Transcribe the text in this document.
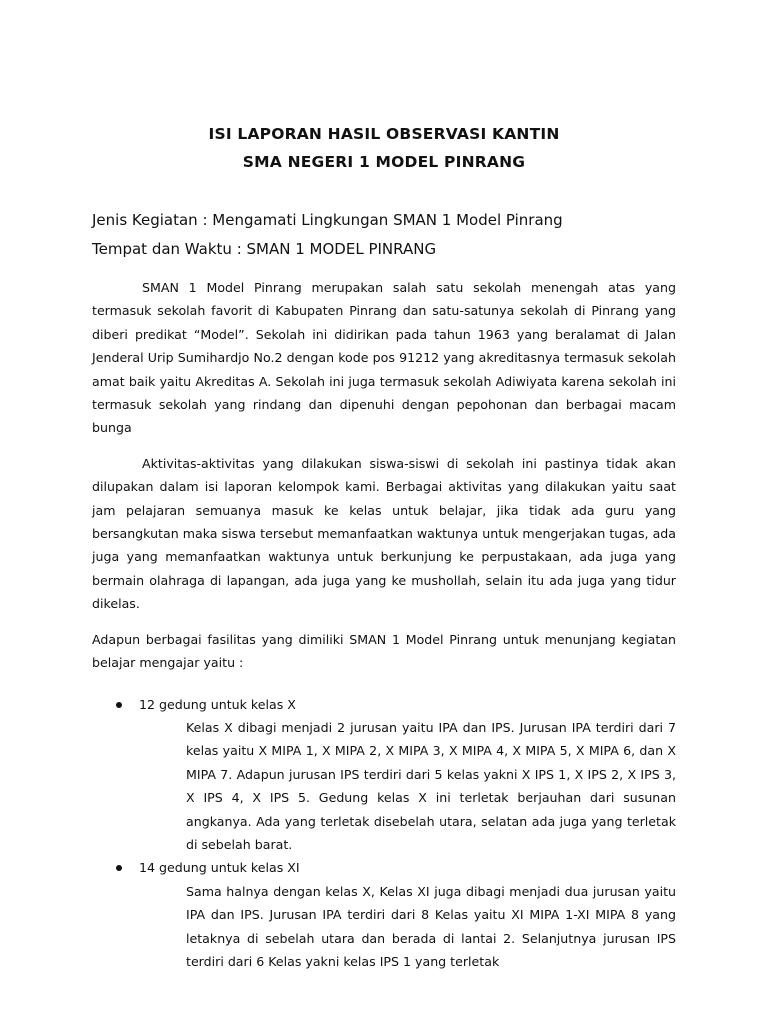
ISI LAPORAN HASIL OBSERVASI KANTIN
SMA NEGERI 1 MODEL PINRANG
Jenis Kegiatan : Mengamati Lingkungan SMAN 1 Model Pinrang
Tempat dan Waktu : SMAN 1 MODEL PINRANG

SMAN 1 Model Pinrang merupakan salah satu sekolah menengah atas yang termasuk sekolah favorit di Kabupaten Pinrang dan satu-satunya sekolah di Pinrang yang diberi predikat “Model”. Sekolah ini didirikan pada tahun 1963 yang beralamat di Jalan Jenderal Urip Sumihardjo No.2 dengan kode pos 91212 yang akreditasnya termasuk sekolah amat baik yaitu Akreditas A. Sekolah ini juga termasuk sekolah Adiwiyata karena sekolah ini termasuk sekolah yang rindang dan dipenuhi dengan pepohonan dan berbagai macam bunga

Aktivitas-aktivitas yang dilakukan siswa-siswi di sekolah ini pastinya tidak akan dilupakan dalam isi laporan kelompok kami. Berbagai aktivitas yang dilakukan yaitu saat jam pelajaran semuanya masuk ke kelas untuk belajar, jika tidak ada guru yang bersangkutan maka siswa tersebut memanfaatkan waktunya untuk mengerjakan tugas, ada juga yang memanfaatkan waktunya untuk berkunjung ke perpustakaan, ada juga yang bermain olahraga di lapangan, ada juga yang ke mushollah, selain itu ada juga yang tidur dikelas.

Adapun berbagai fasilitas yang dimiliki SMAN 1 Model Pinrang untuk menunjang kegiatan belajar mengajar yaitu :

12 gedung untuk kelas X
Kelas X dibagi menjadi 2 jurusan yaitu IPA dan IPS. Jurusan IPA terdiri dari 7 kelas yaitu X MIPA 1, X MIPA 2, X MIPA 3, X MIPA 4, X MIPA 5, X MIPA 6, dan X MIPA 7. Adapun jurusan IPS terdiri dari 5 kelas yakni X IPS 1, X IPS 2, X IPS 3, X IPS 4, X IPS 5. Gedung kelas X ini terletak berjauhan dari susunan angkanya. Ada yang terletak disebelah utara, selatan ada juga yang terletak di sebelah barat.
14 gedung untuk kelas XI
Sama halnya dengan kelas X, Kelas XI juga dibagi menjadi dua jurusan yaitu IPA dan IPS. Jurusan IPA terdiri dari 8 Kelas yaitu XI MIPA 1-XI MIPA 8 yang letaknya di sebelah utara dan berada di lantai 2. Selanjutnya jurusan IPS terdiri dari 6 Kelas yakni kelas IPS 1 yang terletak
